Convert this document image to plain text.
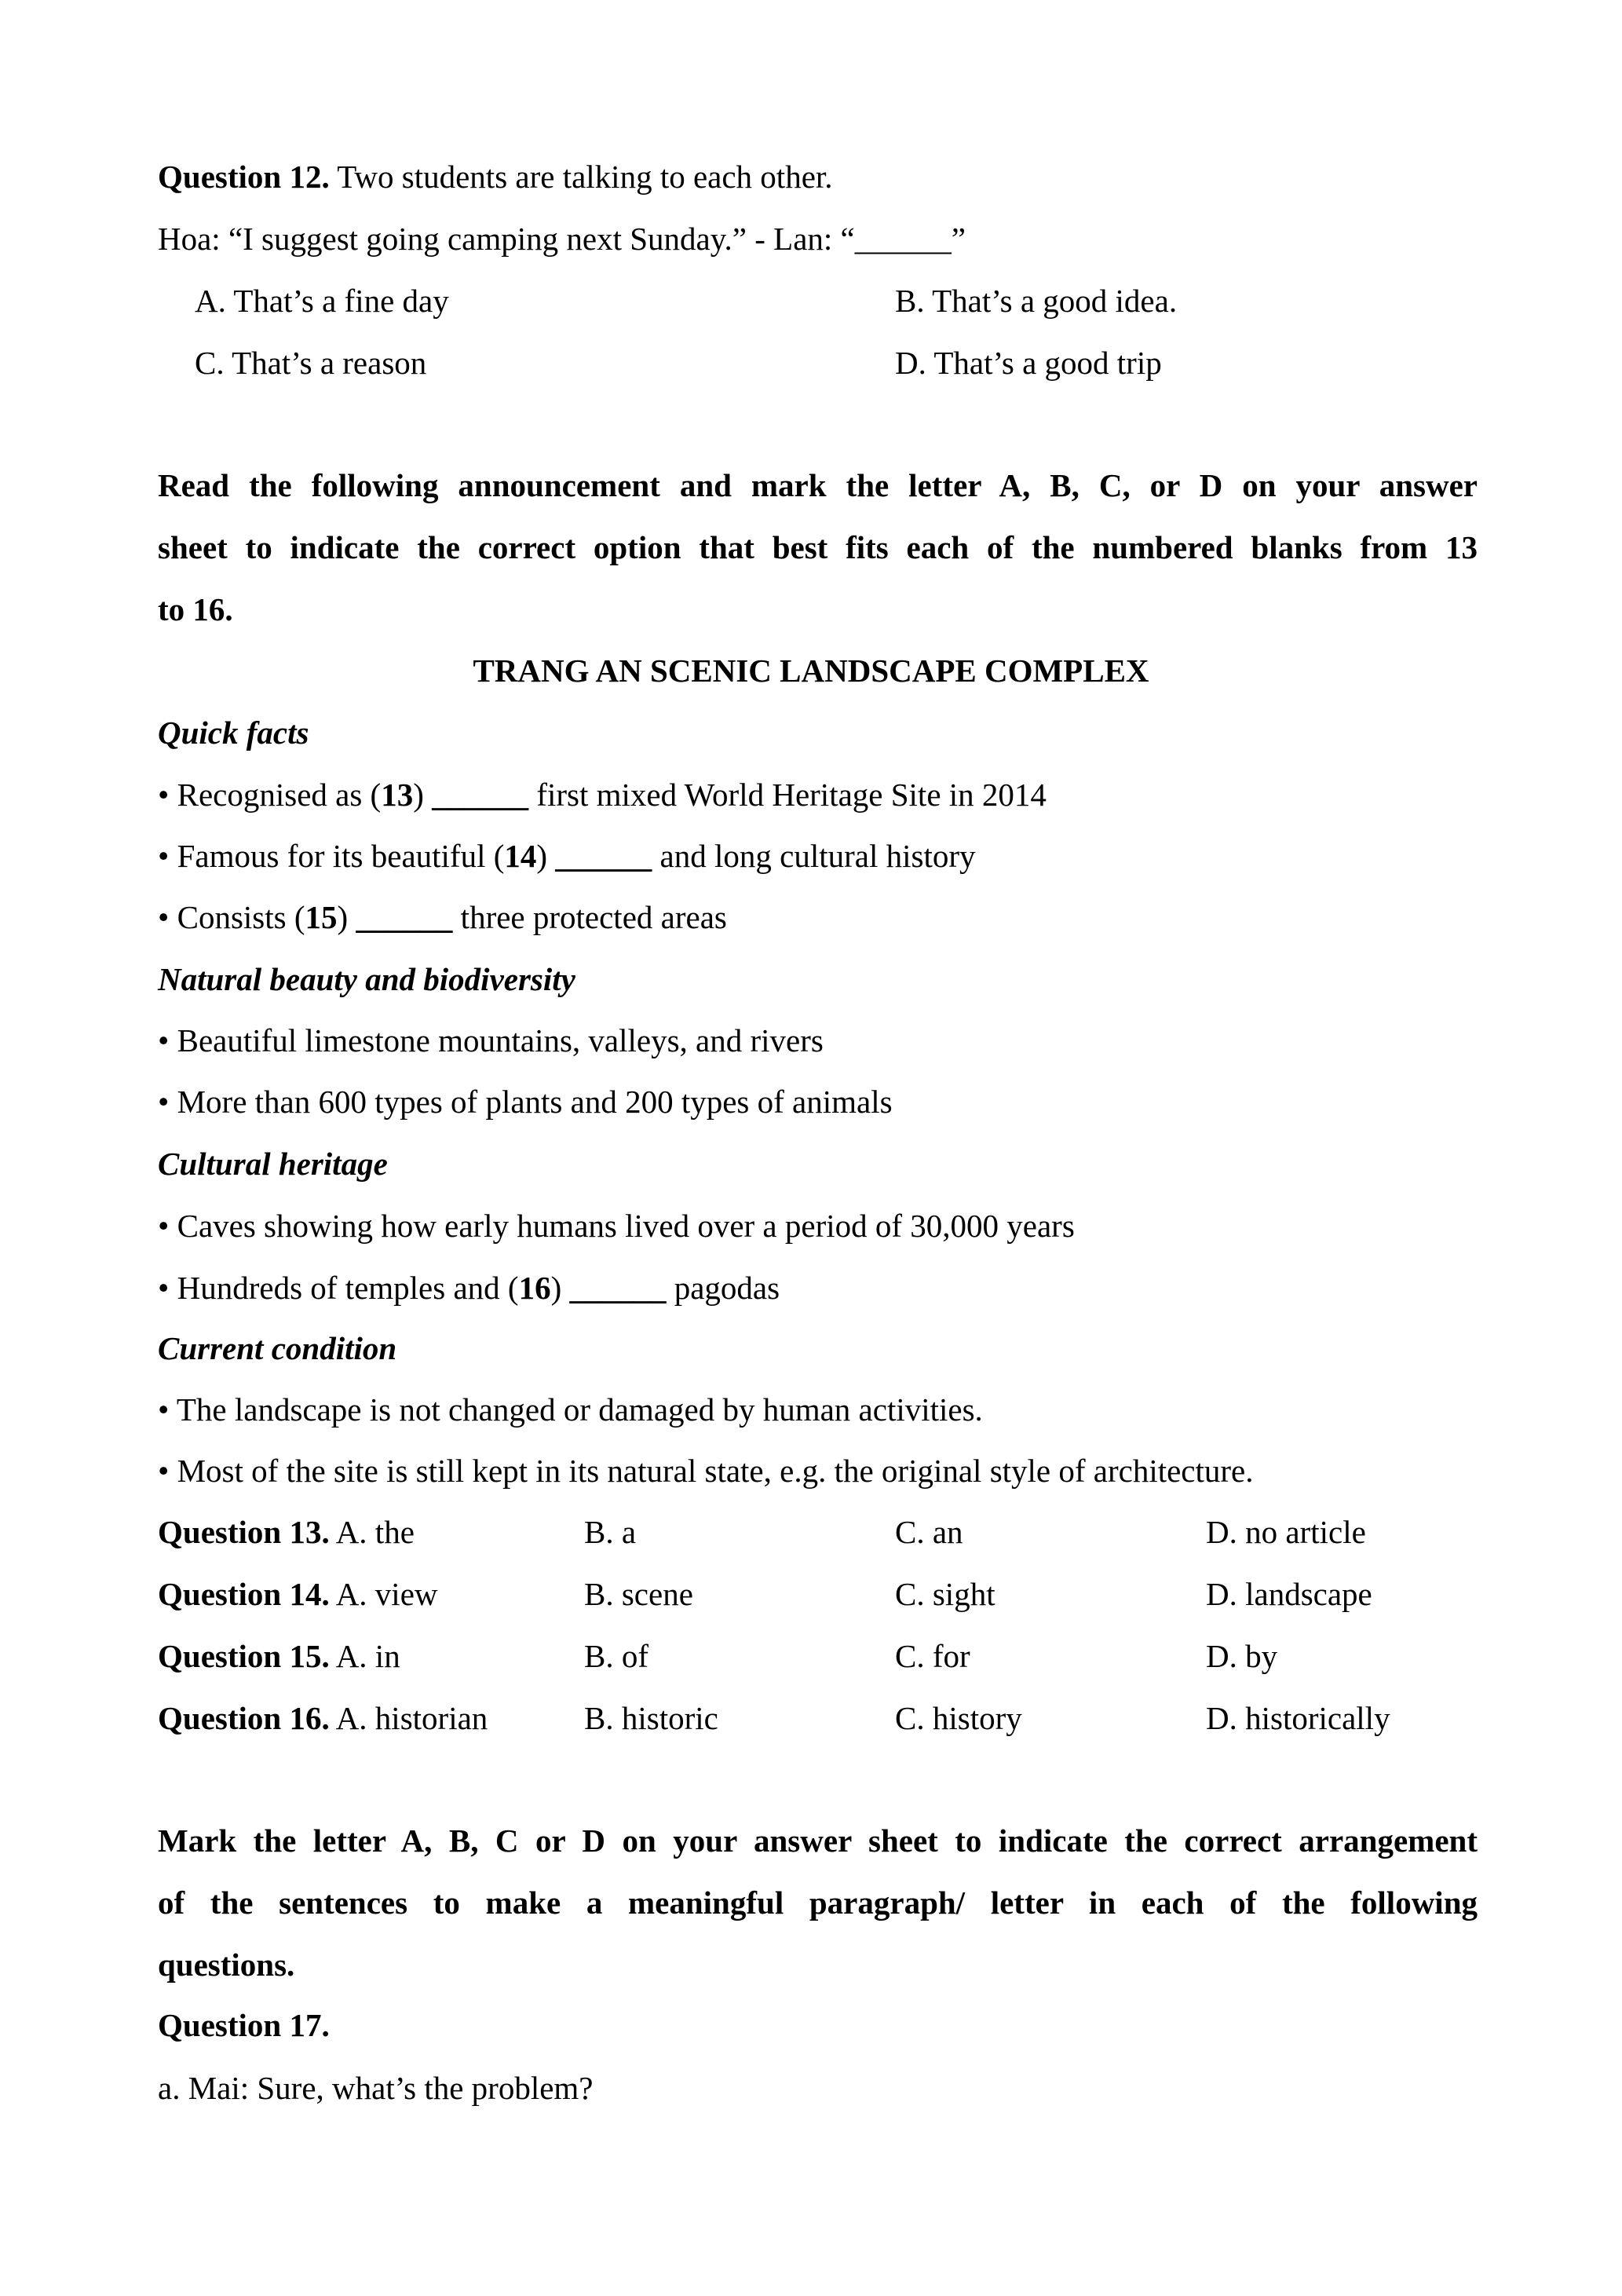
Question 12. Two students are talking to each other.
Hoa: “I suggest going camping next Sunday.” - Lan: “______”
A. That’s a fine day	B. That’s a good idea.
C. That’s a reason	D. That’s a good trip
Read the following announcement and mark the letter A, B, C, or D on your answer
sheet to indicate the correct option that best fits each of the numbered blanks from 13
to 16.
TRANG AN SCENIC LANDSCAPE COMPLEX
Quick facts
• Recognised as (13) ______ first mixed World Heritage Site in 2014
• Famous for its beautiful (14) ______ and long cultural history
• Consists (15) ______ three protected areas
Natural beauty and biodiversity
• Beautiful limestone mountains, valleys, and rivers
• More than 600 types of plants and 200 types of animals
Cultural heritage
• Caves showing how early humans lived over a period of 30,000 years
• Hundreds of temples and (16) ______ pagodas
Current condition
• The landscape is not changed or damaged by human activities.
• Most of the site is still kept in its natural state, e.g. the original style of architecture.
Question 13. A. the	B. a	C. an	D. no article
Question 14. A. view	B. scene	C. sight	D. landscape
Question 15. A. in	B. of	C. for	D. by
Question 16. A. historian	B. historic	C. history	D. historically
Mark the letter A, B, C or D on your answer sheet to indicate the correct arrangement
of the sentences to make a meaningful paragraph/ letter in each of the following
questions.
Question 17.
a. Mai: Sure, what’s the problem?
